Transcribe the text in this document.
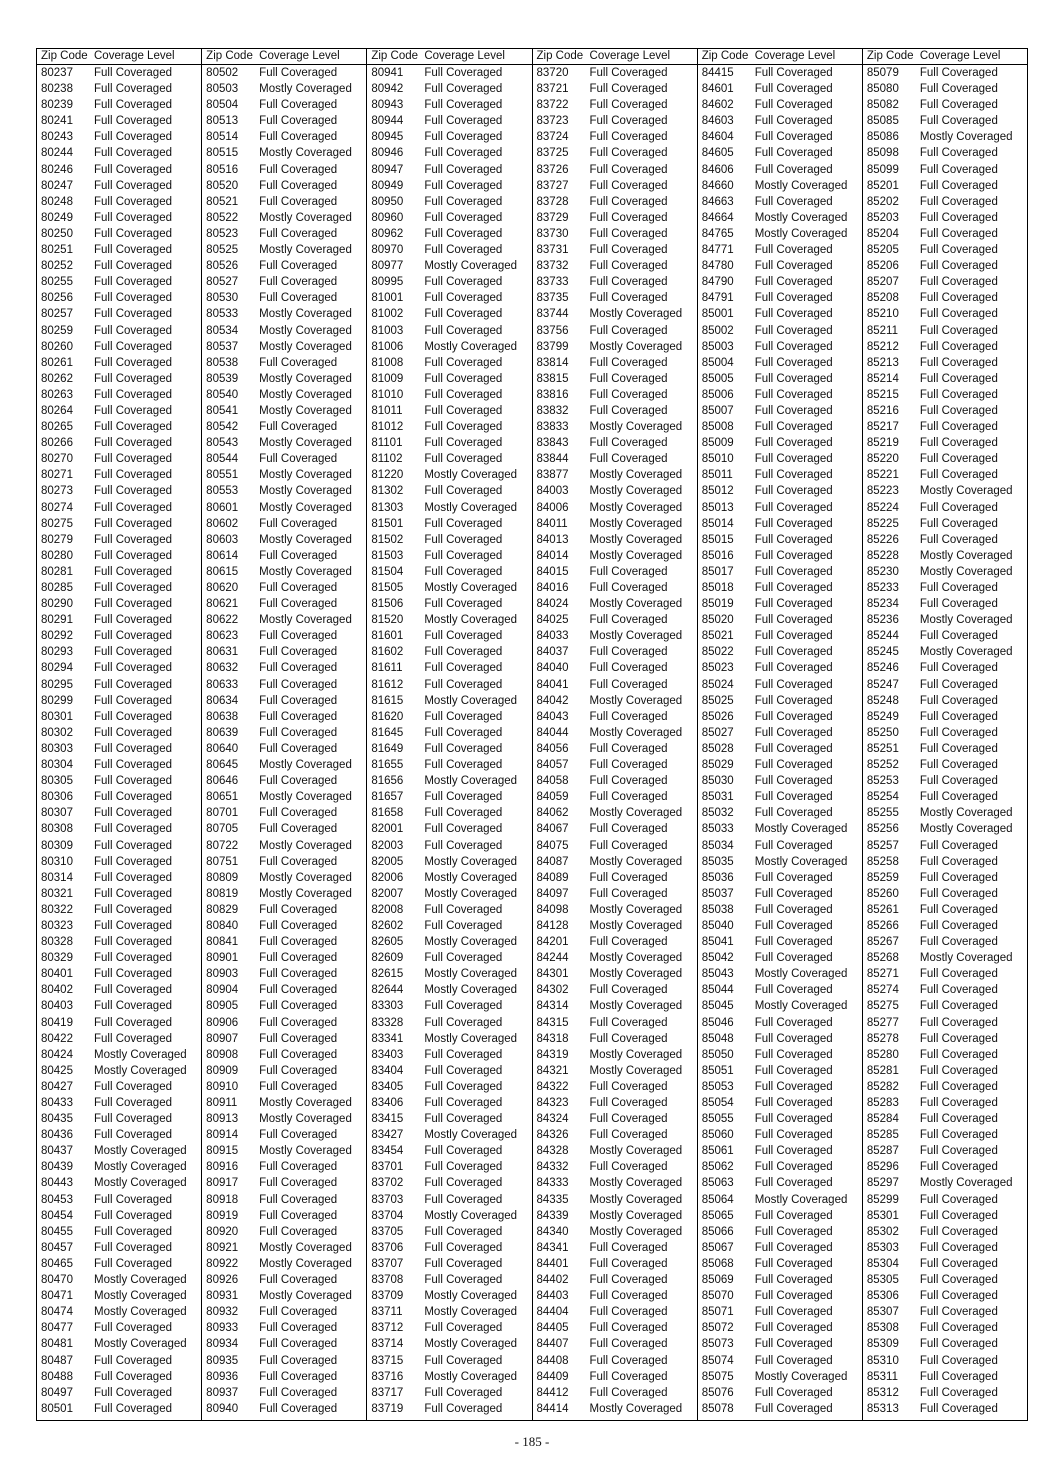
Zip Code Coverage Level
80237	Full Coveraged
80238	Full Coveraged
80239	Full Coveraged
80241	Full Coveraged
80243	Full Coveraged
80244	Full Coveraged
80246	Full Coveraged
80247	Full Coveraged
80248	Full Coveraged
80249	Full Coveraged
80250	Full Coveraged
80251	Full Coveraged
80252	Full Coveraged
80255	Full Coveraged
80256	Full Coveraged
80257	Full Coveraged
80259	Full Coveraged
80260	Full Coveraged
80261	Full Coveraged
80262	Full Coveraged
80263	Full Coveraged
80264	Full Coveraged
80265	Full Coveraged
80266	Full Coveraged
80270	Full Coveraged
80271	Full Coveraged
80273	Full Coveraged
80274	Full Coveraged
80275	Full Coveraged
80279	Full Coveraged
80280	Full Coveraged
80281	Full Coveraged
80285	Full Coveraged
80290	Full Coveraged
80291	Full Coveraged
80292	Full Coveraged
80293	Full Coveraged
80294	Full Coveraged
80295	Full Coveraged
80299	Full Coveraged
80301	Full Coveraged
80302	Full Coveraged
80303	Full Coveraged
80304	Full Coveraged
80305	Full Coveraged
80306	Full Coveraged
80307	Full Coveraged
80308	Full Coveraged
80309	Full Coveraged
80310	Full Coveraged
80314	Full Coveraged
80321	Full Coveraged
80322	Full Coveraged
80323	Full Coveraged
80328	Full Coveraged
80329	Full Coveraged
80401	Full Coveraged
80402	Full Coveraged
80403	Full Coveraged
80419	Full Coveraged
80422	Full Coveraged
80424	Mostly Coveraged
80425	Mostly Coveraged
80427	Full Coveraged
80433	Full Coveraged
80435	Full Coveraged
80436	Full Coveraged
80437	Mostly Coveraged
80439	Mostly Coveraged
80443	Mostly Coveraged
80453	Full Coveraged
80454	Full Coveraged
80455	Full Coveraged
80457	Full Coveraged
80465	Full Coveraged
80470	Mostly Coveraged
80471	Mostly Coveraged
80474	Mostly Coveraged
80477	Full Coveraged
80481	Mostly Coveraged
80487	Full Coveraged
80488	Full Coveraged
80497	Full Coveraged
80501	Full Coveraged
Zip Code Coverage Level
80502	Full Coveraged
80503	Mostly Coveraged
80504	Full Coveraged
80513	Full Coveraged
80514	Full Coveraged
80515	Mostly Coveraged
80516	Full Coveraged
80520	Full Coveraged
80521	Full Coveraged
80522	Mostly Coveraged
80523	Full Coveraged
80525	Mostly Coveraged
80526	Full Coveraged
80527	Full Coveraged
80530	Full Coveraged
80533	Mostly Coveraged
80534	Mostly Coveraged
80537	Mostly Coveraged
80538	Full Coveraged
80539	Mostly Coveraged
80540	Mostly Coveraged
80541	Mostly Coveraged
80542	Full Coveraged
80543	Mostly Coveraged
80544	Full Coveraged
80551	Mostly Coveraged
80553	Mostly Coveraged
80601	Mostly Coveraged
80602	Full Coveraged
80603	Mostly Coveraged
80614	Full Coveraged
80615	Mostly Coveraged
80620	Full Coveraged
80621	Full Coveraged
80622	Mostly Coveraged
80623	Full Coveraged
80631	Full Coveraged
80632	Full Coveraged
80633	Full Coveraged
80634	Full Coveraged
80638	Full Coveraged
80639	Full Coveraged
80640	Full Coveraged
80645	Mostly Coveraged
80646	Full Coveraged
80651	Mostly Coveraged
80701	Full Coveraged
80705	Full Coveraged
80722	Mostly Coveraged
80751	Full Coveraged
80809	Mostly Coveraged
80819	Mostly Coveraged
80829	Full Coveraged
80840	Full Coveraged
80841	Full Coveraged
80901	Full Coveraged
80903	Full Coveraged
80904	Full Coveraged
80905	Full Coveraged
80906	Full Coveraged
80907	Full Coveraged
80908	Full Coveraged
80909	Full Coveraged
80910	Full Coveraged
80911	Mostly Coveraged
80913	Mostly Coveraged
80914	Full Coveraged
80915	Mostly Coveraged
80916	Full Coveraged
80917	Full Coveraged
80918	Full Coveraged
80919	Full Coveraged
80920	Full Coveraged
80921	Mostly Coveraged
80922	Mostly Coveraged
80926	Full Coveraged
80931	Mostly Coveraged
80932	Full Coveraged
80933	Full Coveraged
80934	Full Coveraged
80935	Full Coveraged
80936	Full Coveraged
80937	Full Coveraged
80940	Full Coveraged
Zip Code Coverage Level
80941	Full Coveraged
80942	Full Coveraged
80943	Full Coveraged
80944	Full Coveraged
80945	Full Coveraged
80946	Full Coveraged
80947	Full Coveraged
80949	Full Coveraged
80950	Full Coveraged
80960	Full Coveraged
80962	Full Coveraged
80970	Full Coveraged
80977	Mostly Coveraged
80995	Full Coveraged
81001	Full Coveraged
81002	Full Coveraged
81003	Full Coveraged
81006	Mostly Coveraged
81008	Full Coveraged
81009	Full Coveraged
81010	Full Coveraged
81011	Full Coveraged
81012	Full Coveraged
81101	Full Coveraged
81102	Full Coveraged
81220	Mostly Coveraged
81302	Full Coveraged
81303	Mostly Coveraged
81501	Full Coveraged
81502	Full Coveraged
81503	Full Coveraged
81504	Full Coveraged
81505	Mostly Coveraged
81506	Full Coveraged
81520	Mostly Coveraged
81601	Full Coveraged
81602	Full Coveraged
81611	Full Coveraged
81612	Full Coveraged
81615	Mostly Coveraged
81620	Full Coveraged
81645	Full Coveraged
81649	Full Coveraged
81655	Full Coveraged
81656	Mostly Coveraged
81657	Full Coveraged
81658	Full Coveraged
82001	Full Coveraged
82003	Full Coveraged
82005	Mostly Coveraged
82006	Mostly Coveraged
82007	Mostly Coveraged
82008	Full Coveraged
82602	Full Coveraged
82605	Mostly Coveraged
82609	Full Coveraged
82615	Mostly Coveraged
82644	Mostly Coveraged
83303	Full Coveraged
83328	Full Coveraged
83341	Mostly Coveraged
83403	Full Coveraged
83404	Full Coveraged
83405	Full Coveraged
83406	Full Coveraged
83415	Full Coveraged
83427	Mostly Coveraged
83454	Full Coveraged
83701	Full Coveraged
83702	Full Coveraged
83703	Full Coveraged
83704	Mostly Coveraged
83705	Full Coveraged
83706	Full Coveraged
83707	Full Coveraged
83708	Full Coveraged
83709	Mostly Coveraged
83711	Mostly Coveraged
83712	Full Coveraged
83714	Mostly Coveraged
83715	Full Coveraged
83716	Mostly Coveraged
83717	Full Coveraged
83719	Full Coveraged
Zip Code Coverage Level
83720	Full Coveraged
83721	Full Coveraged
83722	Full Coveraged
83723	Full Coveraged
83724	Full Coveraged
83725	Full Coveraged
83726	Full Coveraged
83727	Full Coveraged
83728	Full Coveraged
83729	Full Coveraged
83730	Full Coveraged
83731	Full Coveraged
83732	Full Coveraged
83733	Full Coveraged
83735	Full Coveraged
83744	Mostly Coveraged
83756	Full Coveraged
83799	Mostly Coveraged
83814	Full Coveraged
83815	Full Coveraged
83816	Full Coveraged
83832	Full Coveraged
83833	Mostly Coveraged
83843	Full Coveraged
83844	Full Coveraged
83877	Mostly Coveraged
84003	Mostly Coveraged
84006	Mostly Coveraged
84011	Mostly Coveraged
84013	Mostly Coveraged
84014	Mostly Coveraged
84015	Full Coveraged
84016	Full Coveraged
84024	Mostly Coveraged
84025	Full Coveraged
84033	Mostly Coveraged
84037	Full Coveraged
84040	Full Coveraged
84041	Full Coveraged
84042	Mostly Coveraged
84043	Full Coveraged
84044	Mostly Coveraged
84056	Full Coveraged
84057	Full Coveraged
84058	Full Coveraged
84059	Full Coveraged
84062	Mostly Coveraged
84067	Full Coveraged
84075	Full Coveraged
84087	Mostly Coveraged
84089	Full Coveraged
84097	Full Coveraged
84098	Mostly Coveraged
84128	Mostly Coveraged
84201	Full Coveraged
84244	Mostly Coveraged
84301	Mostly Coveraged
84302	Full Coveraged
84314	Mostly Coveraged
84315	Full Coveraged
84318	Full Coveraged
84319	Mostly Coveraged
84321	Mostly Coveraged
84322	Full Coveraged
84323	Full Coveraged
84324	Full Coveraged
84326	Full Coveraged
84328	Mostly Coveraged
84332	Full Coveraged
84333	Mostly Coveraged
84335	Mostly Coveraged
84339	Mostly Coveraged
84340	Mostly Coveraged
84341	Full Coveraged
84401	Full Coveraged
84402	Full Coveraged
84403	Full Coveraged
84404	Full Coveraged
84405	Full Coveraged
84407	Full Coveraged
84408	Full Coveraged
84409	Full Coveraged
84412	Full Coveraged
84414	Mostly Coveraged
Zip Code Coverage Level
84415	Full Coveraged
84601	Full Coveraged
84602	Full Coveraged
84603	Full Coveraged
84604	Full Coveraged
84605	Full Coveraged
84606	Full Coveraged
84660	Mostly Coveraged
84663	Full Coveraged
84664	Mostly Coveraged
84765	Mostly Coveraged
84771	Full Coveraged
84780	Full Coveraged
84790	Full Coveraged
84791	Full Coveraged
85001	Full Coveraged
85002	Full Coveraged
85003	Full Coveraged
85004	Full Coveraged
85005	Full Coveraged
85006	Full Coveraged
85007	Full Coveraged
85008	Full Coveraged
85009	Full Coveraged
85010	Full Coveraged
85011	Full Coveraged
85012	Full Coveraged
85013	Full Coveraged
85014	Full Coveraged
85015	Full Coveraged
85016	Full Coveraged
85017	Full Coveraged
85018	Full Coveraged
85019	Full Coveraged
85020	Full Coveraged
85021	Full Coveraged
85022	Full Coveraged
85023	Full Coveraged
85024	Full Coveraged
85025	Full Coveraged
85026	Full Coveraged
85027	Full Coveraged
85028	Full Coveraged
85029	Full Coveraged
85030	Full Coveraged
85031	Full Coveraged
85032	Full Coveraged
85033	Mostly Coveraged
85034	Full Coveraged
85035	Mostly Coveraged
85036	Full Coveraged
85037	Full Coveraged
85038	Full Coveraged
85040	Full Coveraged
85041	Full Coveraged
85042	Full Coveraged
85043	Mostly Coveraged
85044	Full Coveraged
85045	Mostly Coveraged
85046	Full Coveraged
85048	Full Coveraged
85050	Full Coveraged
85051	Full Coveraged
85053	Full Coveraged
85054	Full Coveraged
85055	Full Coveraged
85060	Full Coveraged
85061	Full Coveraged
85062	Full Coveraged
85063	Full Coveraged
85064	Mostly Coveraged
85065	Full Coveraged
85066	Full Coveraged
85067	Full Coveraged
85068	Full Coveraged
85069	Full Coveraged
85070	Full Coveraged
85071	Full Coveraged
85072	Full Coveraged
85073	Full Coveraged
85074	Full Coveraged
85075	Mostly Coveraged
85076	Full Coveraged
85078	Full Coveraged
Zip Code Coverage Level
85079	Full Coveraged
85080	Full Coveraged
85082	Full Coveraged
85085	Full Coveraged
85086	Mostly Coveraged
85098	Full Coveraged
85099	Full Coveraged
85201	Full Coveraged
85202	Full Coveraged
85203	Full Coveraged
85204	Full Coveraged
85205	Full Coveraged
85206	Full Coveraged
85207	Full Coveraged
85208	Full Coveraged
85210	Full Coveraged
85211	Full Coveraged
85212	Full Coveraged
85213	Full Coveraged
85214	Full Coveraged
85215	Full Coveraged
85216	Full Coveraged
85217	Full Coveraged
85219	Full Coveraged
85220	Full Coveraged
85221	Full Coveraged
85223	Mostly Coveraged
85224	Full Coveraged
85225	Full Coveraged
85226	Full Coveraged
85228	Mostly Coveraged
85230	Mostly Coveraged
85233	Full Coveraged
85234	Full Coveraged
85236	Mostly Coveraged
85244	Full Coveraged
85245	Mostly Coveraged
85246	Full Coveraged
85247	Full Coveraged
85248	Full Coveraged
85249	Full Coveraged
85250	Full Coveraged
85251	Full Coveraged
85252	Full Coveraged
85253	Full Coveraged
85254	Full Coveraged
85255	Mostly Coveraged
85256	Mostly Coveraged
85257	Full Coveraged
85258	Full Coveraged
85259	Full Coveraged
85260	Full Coveraged
85261	Full Coveraged
85266	Full Coveraged
85267	Full Coveraged
85268	Mostly Coveraged
85271	Full Coveraged
85274	Full Coveraged
85275	Full Coveraged
85277	Full Coveraged
85278	Full Coveraged
85280	Full Coveraged
85281	Full Coveraged
85282	Full Coveraged
85283	Full Coveraged
85284	Full Coveraged
85285	Full Coveraged
85287	Full Coveraged
85296	Full Coveraged
85297	Mostly Coveraged
85299	Full Coveraged
85301	Full Coveraged
85302	Full Coveraged
85303	Full Coveraged
85304	Full Coveraged
85305	Full Coveraged
85306	Full Coveraged
85307	Full Coveraged
85308	Full Coveraged
85309	Full Coveraged
85310	Full Coveraged
85311	Full Coveraged
85312	Full Coveraged
85313	Full Coveraged
- 185 -
